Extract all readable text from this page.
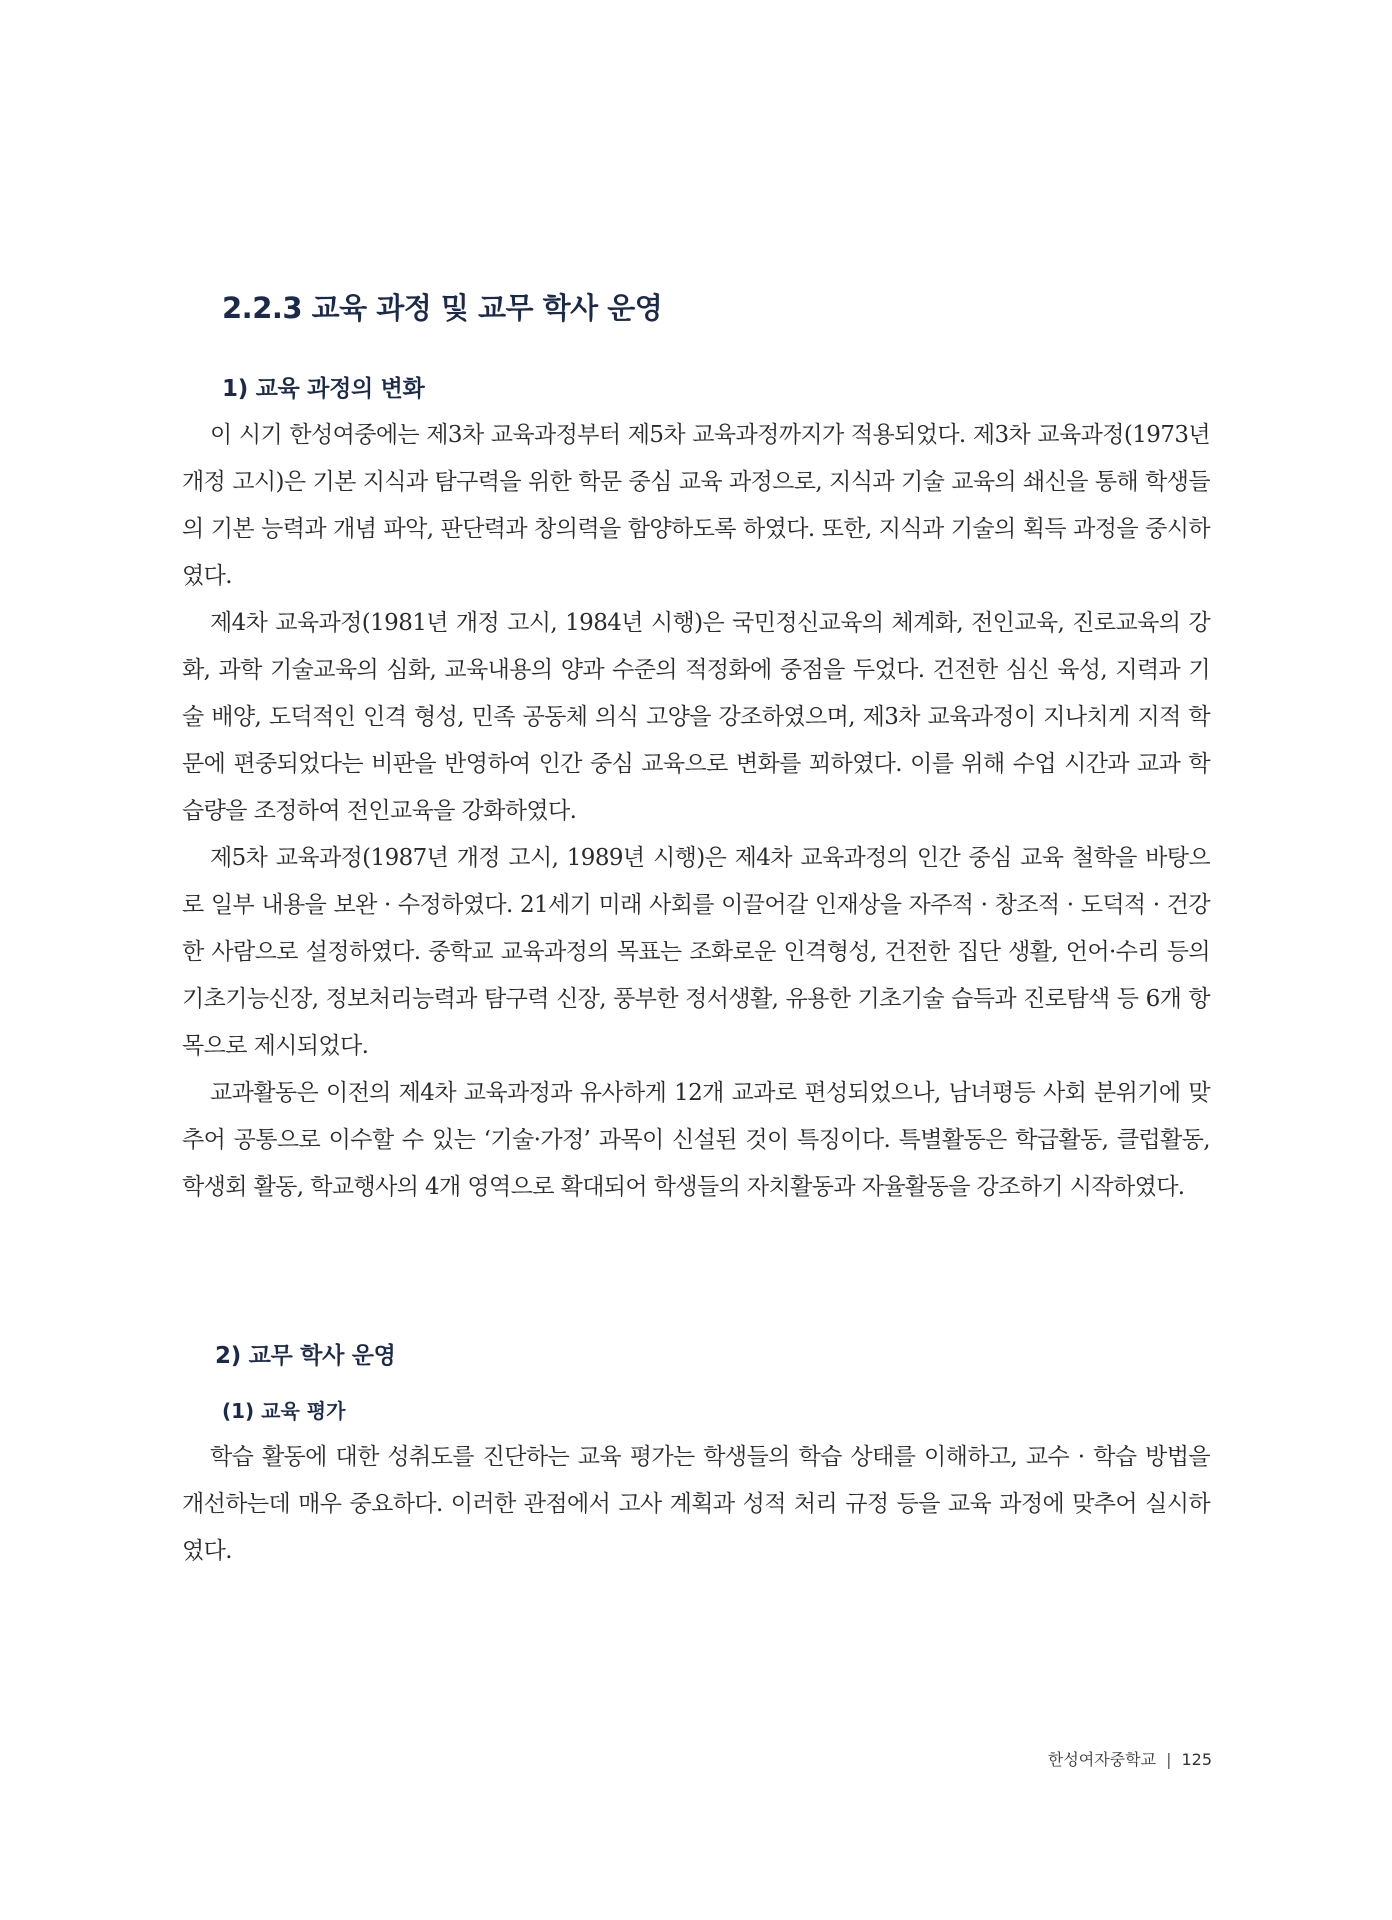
2.2.3 교육 과정 및 교무 학사 운영
1) 교육 과정의 변화

이 시기 한성여중에는 제3차 교육과정부터 제5차 교육과정까지가 적용되었다. 제3차 교육과정(1973년 개정 고시)은 기본 지식과 탐구력을 위한 학문 중심 교육 과정으로, 지식과 기술 교육의 쇄신을 통해 학생들의 기본 능력과 개념 파악, 판단력과 창의력을 함양하도록 하였다. 또한, 지식과 기술의 획득 과정을 중시하였다.

제4차 교육과정(1981년 개정 고시, 1984년 시행)은 국민정신교육의 체계화, 전인교육, 진로교육의 강화, 과학 기술교육의 심화, 교육내용의 양과 수준의 적정화에 중점을 두었다. 건전한 심신 육성, 지력과 기술 배양, 도덕적인 인격 형성, 민족 공동체 의식 고양을 강조하였으며, 제3차 교육과정이 지나치게 지적 학문에 편중되었다는 비판을 반영하여 인간 중심 교육으로 변화를 꾀하였다. 이를 위해 수업 시간과 교과 학습량을 조정하여 전인교육을 강화하였다.

제5차 교육과정(1987년 개정 고시, 1989년 시행)은 제4차 교육과정의 인간 중심 교육 철학을 바탕으로 일부 내용을 보완 · 수정하였다. 21세기 미래 사회를 이끌어갈 인재상을 자주적 · 창조적 · 도덕적 · 건강한 사람으로 설정하였다. 중학교 교육과정의 목표는 조화로운 인격형성, 건전한 집단 생활, 언어·수리 등의 기초기능신장, 정보처리능력과 탐구력 신장, 풍부한 정서생활, 유용한 기초기술 습득과 진로탐색 등 6개 항목으로 제시되었다.

교과활동은 이전의 제4차 교육과정과 유사하게 12개 교과로 편성되었으나, 남녀평등 사회 분위기에 맞추어 공통으로 이수할 수 있는 ‘기술·가정’ 과목이 신설된 것이 특징이다. 특별활동은 학급활동, 클럽활동, 학생회 활동, 학교행사의 4개 영역으로 확대되어 학생들의 자치활동과 자율활동을 강조하기 시작하였다.

2) 교무 학사 운영
(1) 교육 평가

학습 활동에 대한 성취도를 진단하는 교육 평가는 학생들의 학습 상태를 이해하고, 교수 · 학습 방법을 개선하는데 매우 중요하다. 이러한 관점에서 고사 계획과 성적 처리 규정 등을 교육 과정에 맞추어 실시하였다.

한성여자중학교 | 125
